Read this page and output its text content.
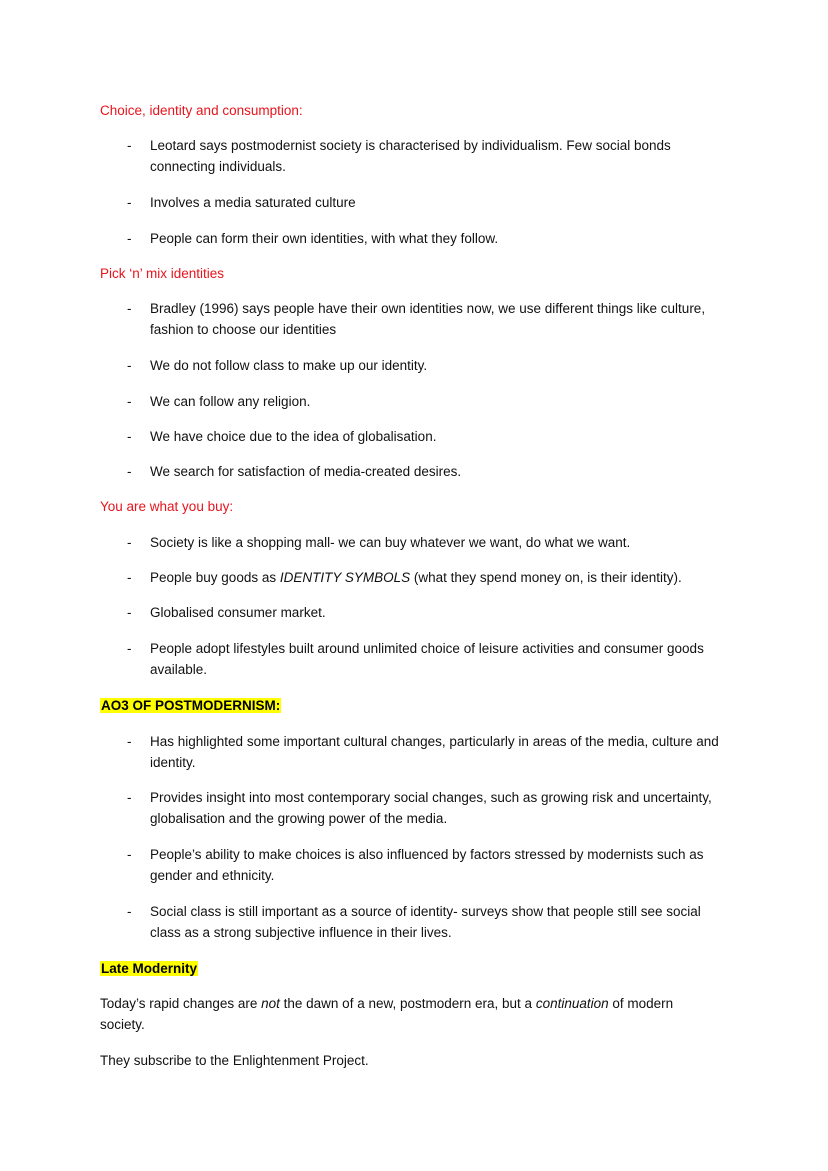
Choice, identity and consumption:
- Leotard says postmodernist society is characterised by individualism. Few social bonds connecting individuals.
- Involves a media saturated culture
- People can form their own identities, with what they follow.
Pick ‘n’ mix identities
- Bradley (1996) says people have their own identities now, we use different things like culture, fashion to choose our identities
- We do not follow class to make up our identity.
- We can follow any religion.
- We have choice due to the idea of globalisation.
- We search for satisfaction of media-created desires.
You are what you buy:
- Society is like a shopping mall- we can buy whatever we want, do what we want.
- People buy goods as IDENTITY SYMBOLS (what they spend money on, is their identity).
- Globalised consumer market.
- People adopt lifestyles built around unlimited choice of leisure activities and consumer goods available.
AO3 OF POSTMODERNISM:
- Has highlighted some important cultural changes, particularly in areas of the media, culture and identity.
- Provides insight into most contemporary social changes, such as growing risk and uncertainty, globalisation and the growing power of the media.
- People’s ability to make choices is also influenced by factors stressed by modernists such as gender and ethnicity.
- Social class is still important as a source of identity- surveys show that people still see social class as a strong subjective influence in their lives.
Late Modernity
Today’s rapid changes are not the dawn of a new, postmodern era, but a continuation of modern society.
They subscribe to the Enlightenment Project.
